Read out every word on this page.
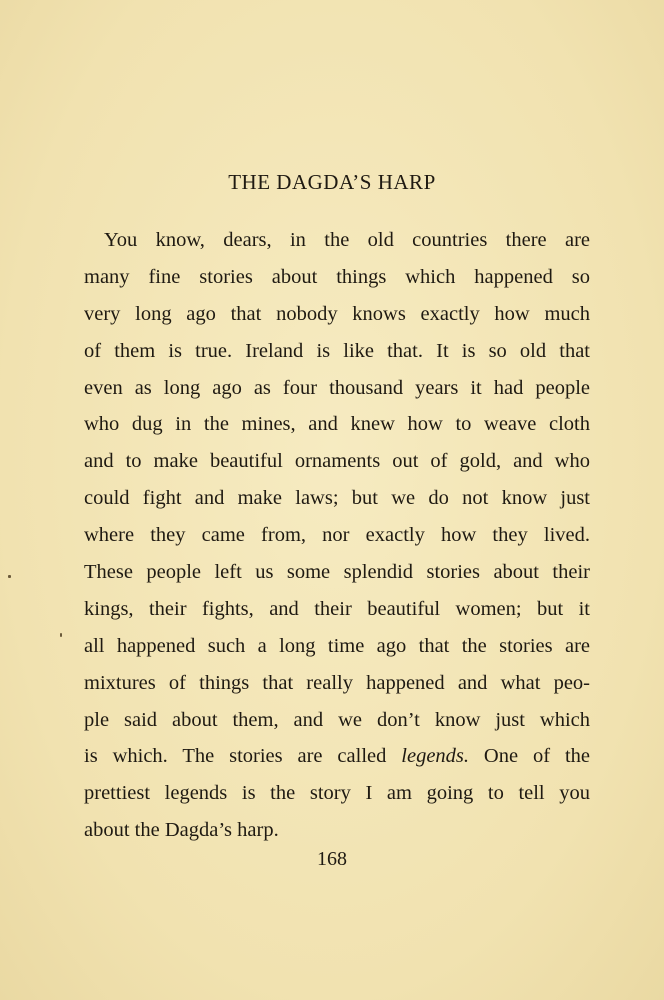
THE DAGDA’S HARP
You know, dears, in the old countries there are
many fine stories about things which happened so
very long ago that nobody knows exactly how much
of them is true. Ireland is like that. It is so old that
even as long ago as four thousand years it had people
who dug in the mines, and knew how to weave cloth
and to make beautiful ornaments out of gold, and who
could fight and make laws; but we do not know just
where they came from, nor exactly how they lived.
These people left us some splendid stories about their
kings, their fights, and their beautiful women; but it
all happened such a long time ago that the stories are
mixtures of things that really happened and what peo-
ple said about them, and we don’t know just which
is which. The stories are called legends. One of the
prettiest legends is the story I am going to tell you
about the Dagda’s harp.
168
